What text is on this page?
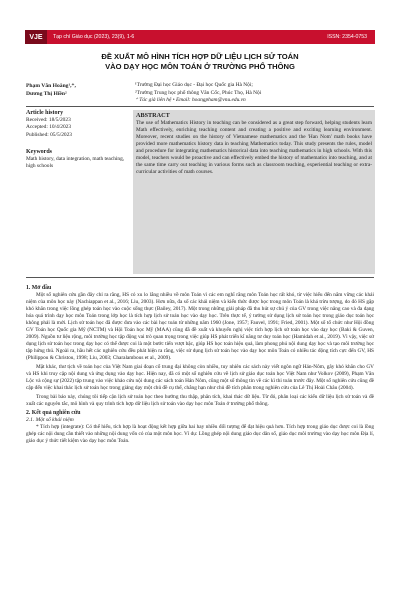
VJE	Tạp chí Giáo dục (2023), 23(9), 1-6	ISSN: 2354-0753
ĐỀ XUẤT MÔ HÌNH TÍCH HỢP DỮ LIỆU LỊCH SỬ TOÁN
VÀO DẠY HỌC MÔN TOÁN Ở TRƯỜNG PHỔ THÔNG
Phạm Văn Hoằng¹,⁺,
Dương Thị Hiền²
¹Trường Đại học Giáo dục - Đại học Quốc gia Hà Nội;
²Trường Trung học phổ thông Văn Cốc, Phúc Thọ, Hà Nội
⁺ Tác giả liên hệ • Email: hoangpham@vnu.edu.vn
Article history
Received: 18/5/2023
Accepted: 10/4/2023
Published: 05/5/2023
Keywords
Math history, data integration, math teaching, high schools
ABSTRACT
The use of Mathematics History in teaching can be considered as a great step forward, helping students learn Math effectively, enriching teaching content and creating a positive and exciting learning environment. Moreover, recent studies on the history of Vietnamese mathematics and the 'Han Nom' math books have provided more mathematics history data in teaching Mathematics today. This study presents the rules, model and procedure for integrating mathematics historical data into teaching mathematics in high schools. With this model, teachers would be proactive and can effectively embed the history of mathematics into teaching, and at the same time carry out teaching in various forms such as classroom teaching, experiential teaching or extra-curricular activities of math courses.
1. Mở đầu

Một số nghiên cứu gần đây chỉ ra rằng, HS có xu lo lắng nhiều về môn Toán vì các em nghĩ rằng môn Toán học rất khó, từ việc hiểu đến nắm vững các khái niệm của môn học này (Nachiappan et al., 2016; Liu, 2003). Hơn nữa, đa số các khái niệm và kiến thức được học trong môn Toán là khá trừu tượng, do đó HS gặp khó khăn trong việc lồng ghép toán học vào cuộc sống thực (Bailey, 2017). Một trong những giải pháp đã thu hút sự chú ý của GV trong việc nâng cao và đa dạng hóa quá trình dạy học môn Toán trong lớp học là tích hợp lịch sử toán học vào dạy học. Trên thực tế, ý tưởng sử dụng lịch sử toán học trong giáo dục toán học không phải là mới. Lịch sử toán học đã được đưa vào các bài học toán từ những năm 1960 (Jone, 1957; Fauvel, 1991; Fried, 2001). Một số tổ chức như Hội đồng GV Toán học Quốc gia Mỹ (NCTM) và Hội Toán học Mỹ (MAA) cũng đã đề xuất và khuyến nghị việc tích hợp lịch sử toán học vào dạy học (Baki & Guven, 2009). Nguồn tư liệu rộng, môi trường học tập động vai trò quan trọng trong việc giúp HS phát triển kĩ năng tư duy toán học (Hamidah et al., 2019). Vì vậy, việc sử dụng lịch sử toán học trong dạy học có thể được coi là một bước tiến vượt bậc, giúp HS học toán hiệu quả, làm phong phú nội dung dạy học và tạo môi trường học tập hứng thú. Ngoài ra, hầu hết các nghiên cứu đều phát hiện ra rằng, việc sử dụng lịch sử toán học vào dạy học môn Toán có nhiều tác động tích cực đến GV, HS (Philippou & Christou, 1998; Liu, 2003; Charalambous et al., 2009).

Mặt khác, thư tịch về toán học của Việt Nam giai đoạn cổ trung đại không còn nhiều, tuy nhiên các sách này viết ngôn ngữ Hán-Nôm, gây khó khăn cho GV và HS khi truy cập nội dung và ứng dụng vào dạy học. Hiện nay, đã có một số nghiên cứu về lịch sử giáo dục toán học Việt Nam như Volkov (2009), Phạm Văn Lộc và cộng sự (2022) tập trung vào việc khảo cứu nội dung các sách toán Hán Nôm, cũng một số thông tin về các kì thi toán trước đây. Một số nghiên cứu cũng đề cập đến việc khai thác lịch sử toán học trong giảng dạy một chủ đề cụ thể, chẳng hạn như chủ đề tích phân trong nghiên cứu của Lê Thị Hoài Châu (2004).

Trong bài báo này, chúng tôi tiếp cận lịch sử toán học theo hướng thu thập, phân tích, khai thác dữ liệu. Từ đó, phân loại các kiểu dữ liệu lịch sử toán và đề xuất các nguyên tắc, mô hình và quy trình tích hợp dữ liệu lịch sử toán vào dạy học môn Toán ở trường phổ thông.

2. Kết quả nghiên cứu
2.1. Một số khái niệm

* Tích hợp (integrate): Có thể hiểu, tích hợp là hoạt động kết hợp giữa hai hay nhiều đối tượng để đạt hiệu quả hơn. Tích hợp trong giáo dục được coi là lồng ghép các nội dung cần thiết vào những nội dung vốn có của một môn học. Ví dụ: Lồng ghép nội dung giáo dục dân số, giáo dục môi trường vào dạy học môn Địa lí, giáo dục ý thức tiết kiệm vào dạy học môn Toán.
